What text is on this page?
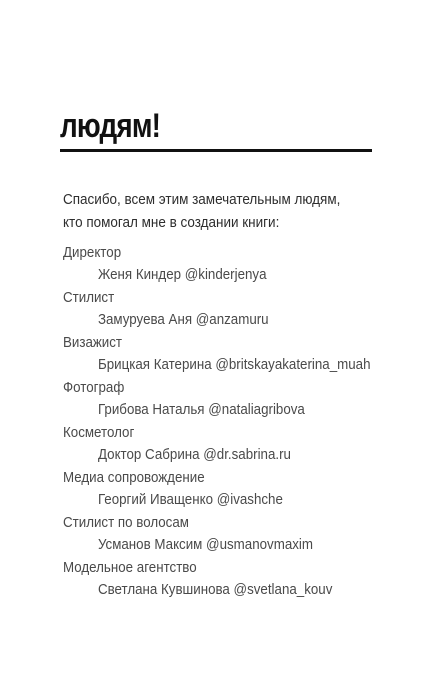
людям!
Спасибо, всем этим замечательным людям,
кто помогал мне в создании книги:
Директор
Женя Киндер @kinderjenya
Стилист
Замуруева Аня @anzamuru
Визажист
Брицкая Катерина @britskayakaterina_muah
Фотограф
Грибова Наталья @nataliagribova
Косметолог
Доктор Сабрина @dr.sabrina.ru
Медиа сопровождение
Георгий Иващенко @ivashche
Стилист по волосам
Усманов Максим @usmanovmaxim
Модельное агентство
Светлана Кувшинова @svetlana_kouv
